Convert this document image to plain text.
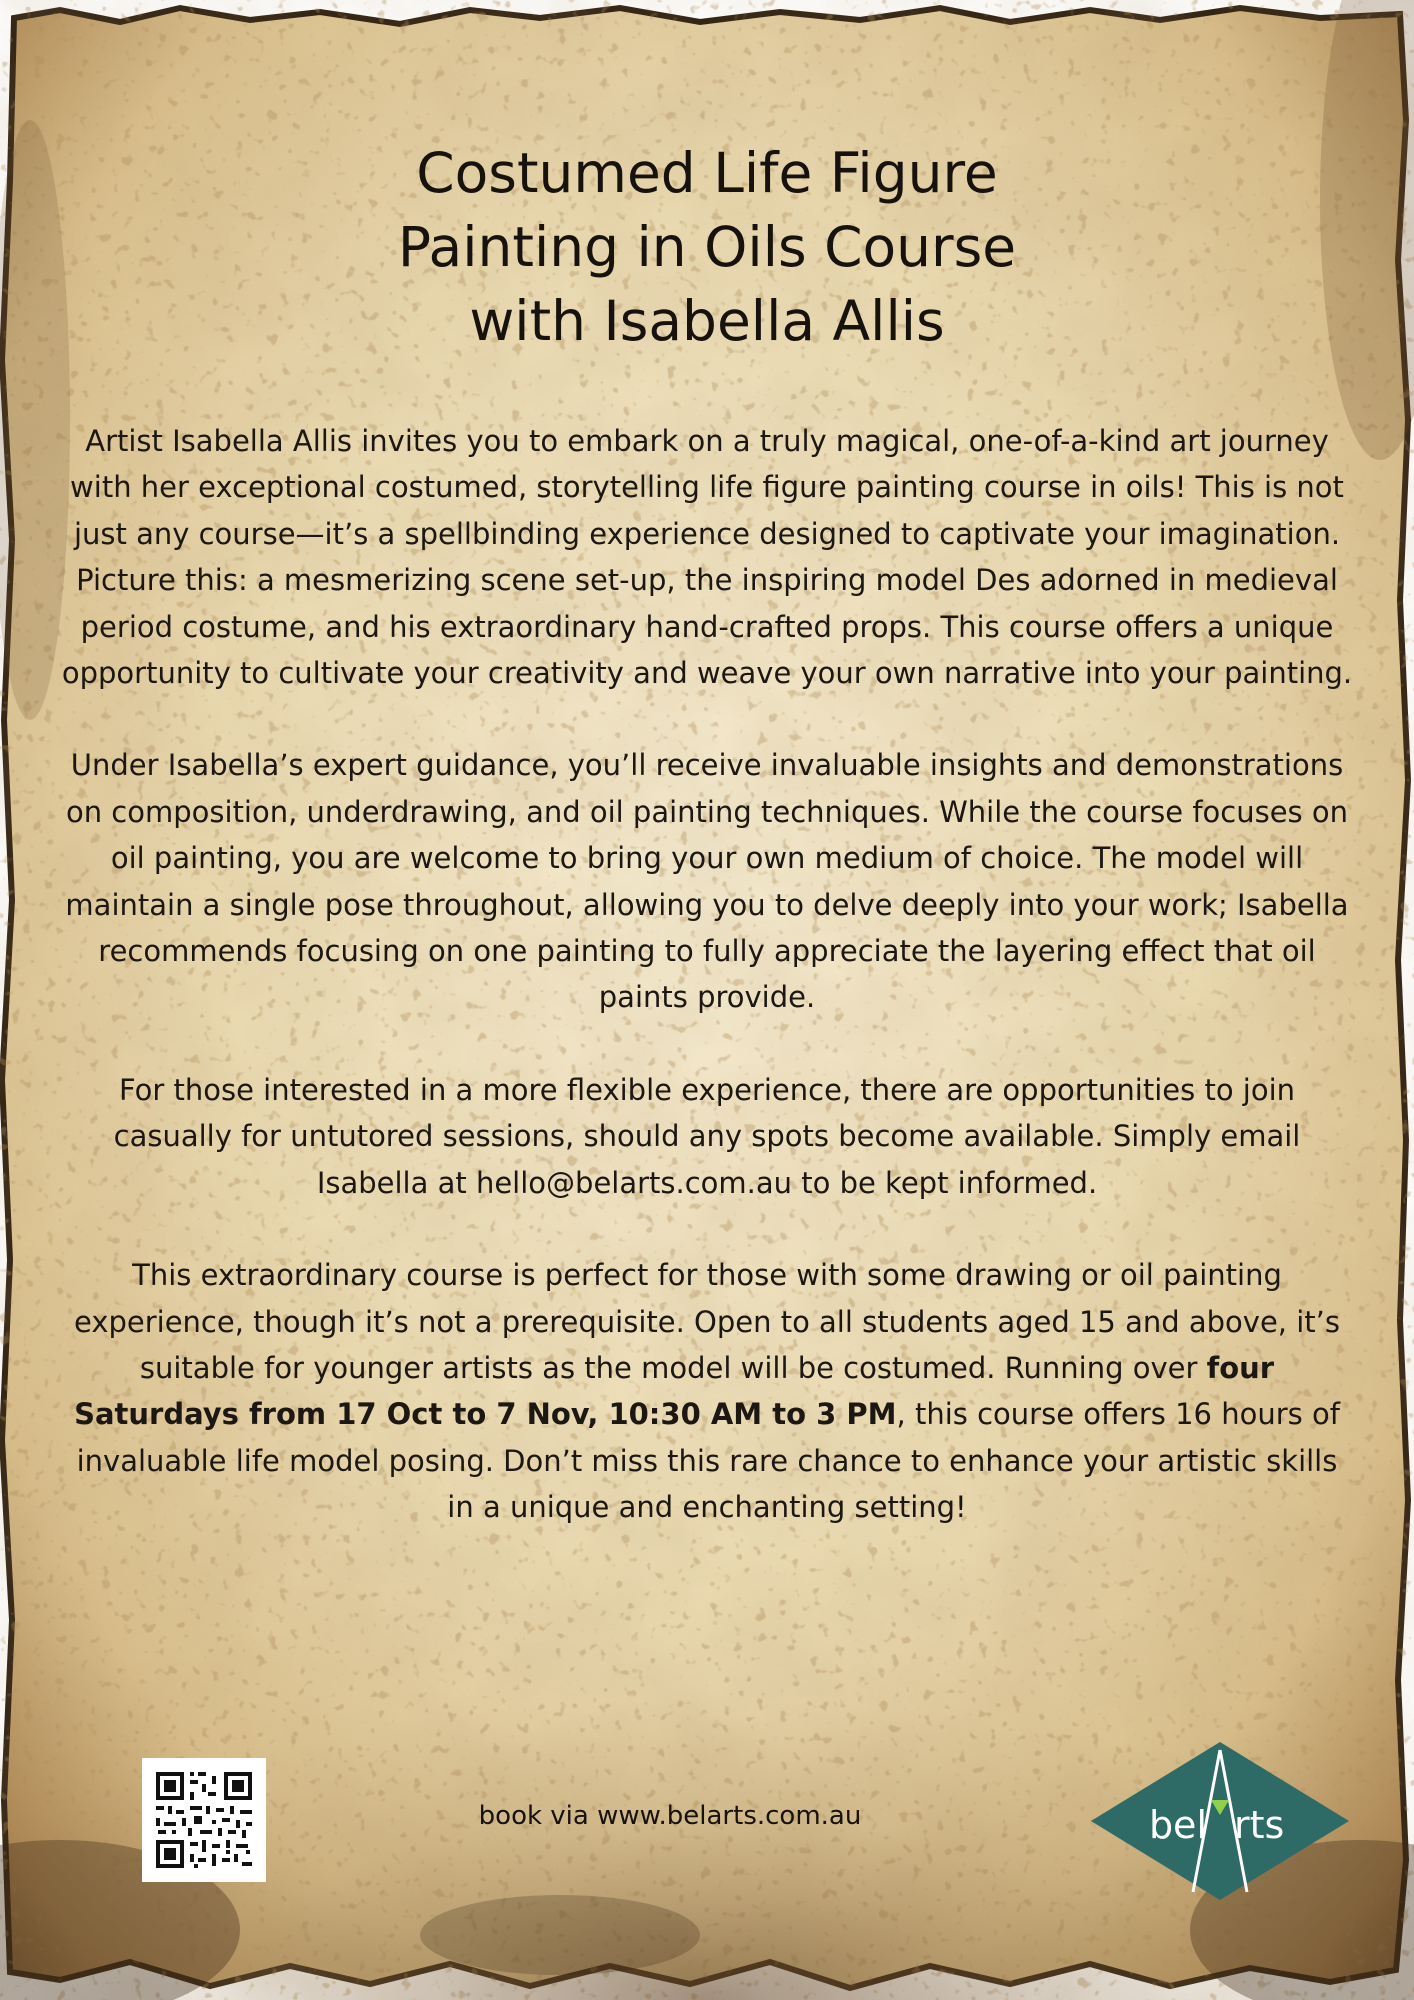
Costumed Life Figure
Painting in Oils Course
with Isabella Allis

Artist Isabella Allis invites you to embark on a truly magical, one-of-a-kind art journey with her exceptional costumed, storytelling life figure painting course in oils! This is not just any course—it’s a spellbinding experience designed to captivate your imagination. Picture this: a mesmerizing scene set-up, the inspiring model Des adorned in medieval period costume, and his extraordinary hand-crafted props. This course offers a unique opportunity to cultivate your creativity and weave your own narrative into your painting.

Under Isabella’s expert guidance, you’ll receive invaluable insights and demonstrations on composition, underdrawing, and oil painting techniques. While the course focuses on oil painting, you are welcome to bring your own medium of choice. The model will maintain a single pose throughout, allowing you to delve deeply into your work; Isabella recommends focusing on one painting to fully appreciate the layering effect that oil paints provide.

For those interested in a more flexible experience, there are opportunities to join casually for untutored sessions, should any spots become available. Simply email Isabella at hello@belarts.com.au to be kept informed.

This extraordinary course is perfect for those with some drawing or oil painting experience, though it’s not a prerequisite. Open to all students aged 15 and above, it’s suitable for younger artists as the model will be costumed. Running over four Saturdays from 17 Oct to 7 Nov, 10:30 AM to 3 PM, this course offers 16 hours of invaluable life model posing. Don’t miss this rare chance to enhance your artistic skills in a unique and enchanting setting!

book via www.belarts.com.au	bel rts
